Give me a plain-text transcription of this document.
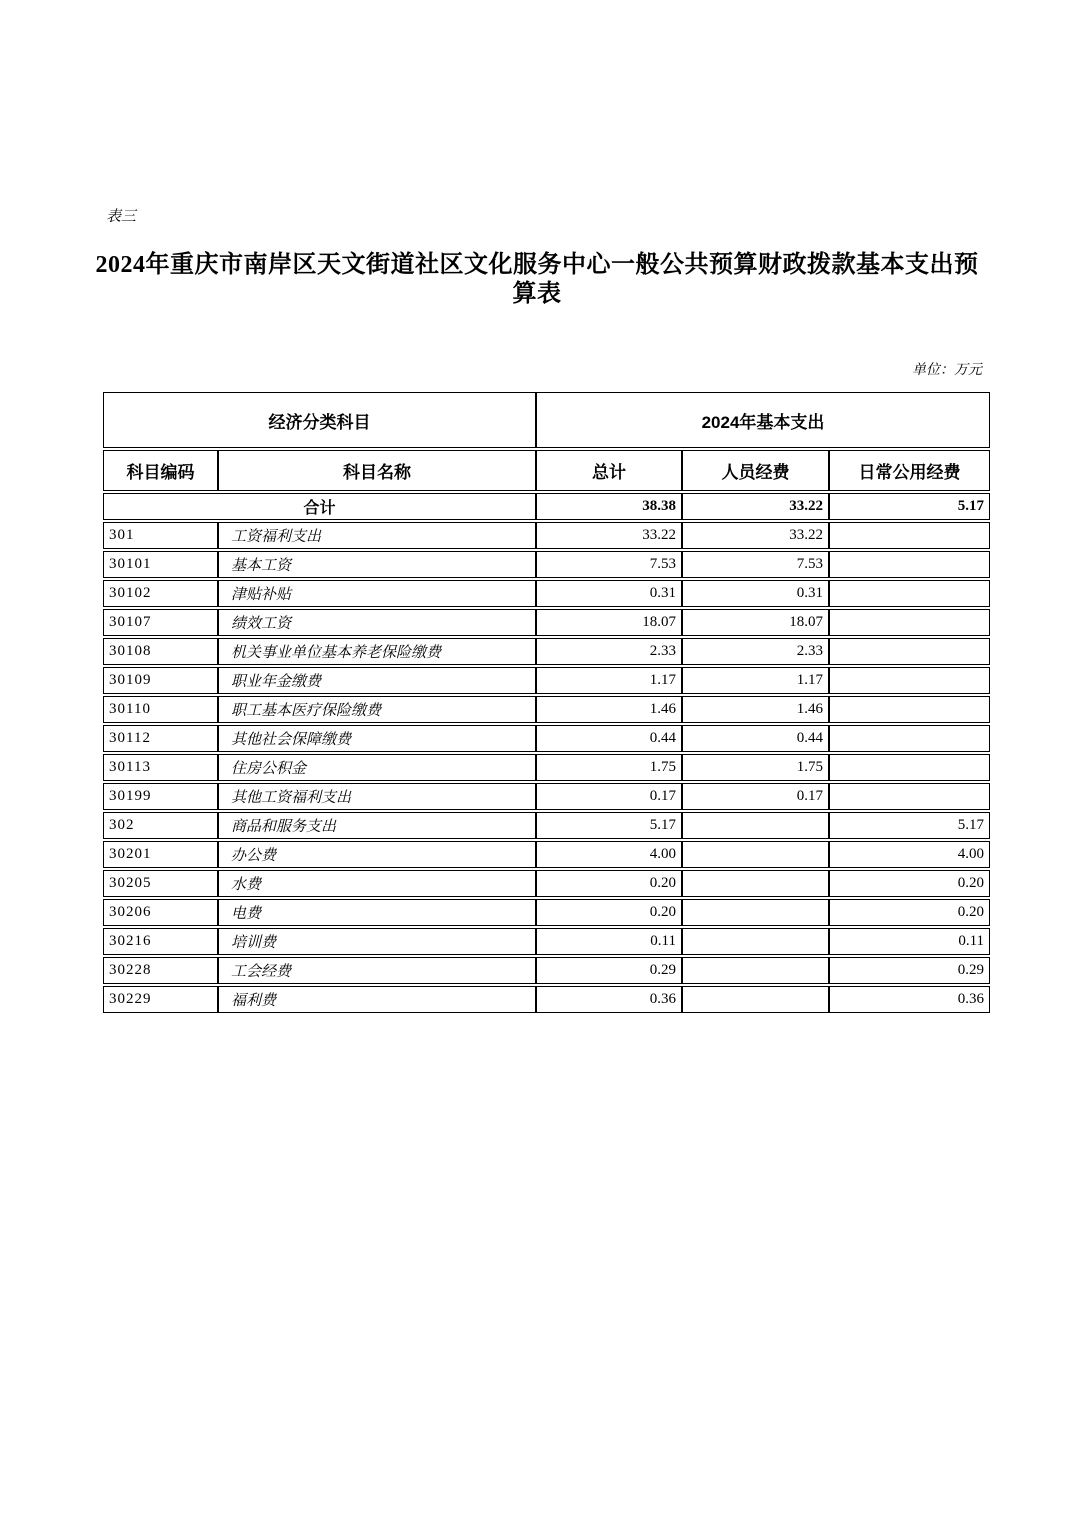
表三
2024年重庆市南岸区天文街道社区文化服务中心一般公共预算财政拨款基本支出预
算表
单位：万元
经济分类科目		2024年基本支出		
科目编码	科目名称	总计	人员经费	日常公用经费
合计		38.38	33.22	5.17
301	工资福利支出	33.22	33.22	
30101	基本工资	7.53	7.53	
30102	津贴补贴	0.31	0.31	
30107	绩效工资	18.07	18.07	
30108	机关事业单位基本养老保险缴费	2.33	2.33	
30109	职业年金缴费	1.17	1.17	
30110	职工基本医疗保险缴费	1.46	1.46	
30112	其他社会保障缴费	0.44	0.44	
30113	住房公积金	1.75	1.75	
30199	其他工资福利支出	0.17	0.17	
302	商品和服务支出	5.17		5.17
30201	办公费	4.00		4.00
30205	水费	0.20		0.20
30206	电费	0.20		0.20
30216	培训费	0.11		0.11
30228	工会经费	0.29		0.29
30229	福利费	0.36		0.36
